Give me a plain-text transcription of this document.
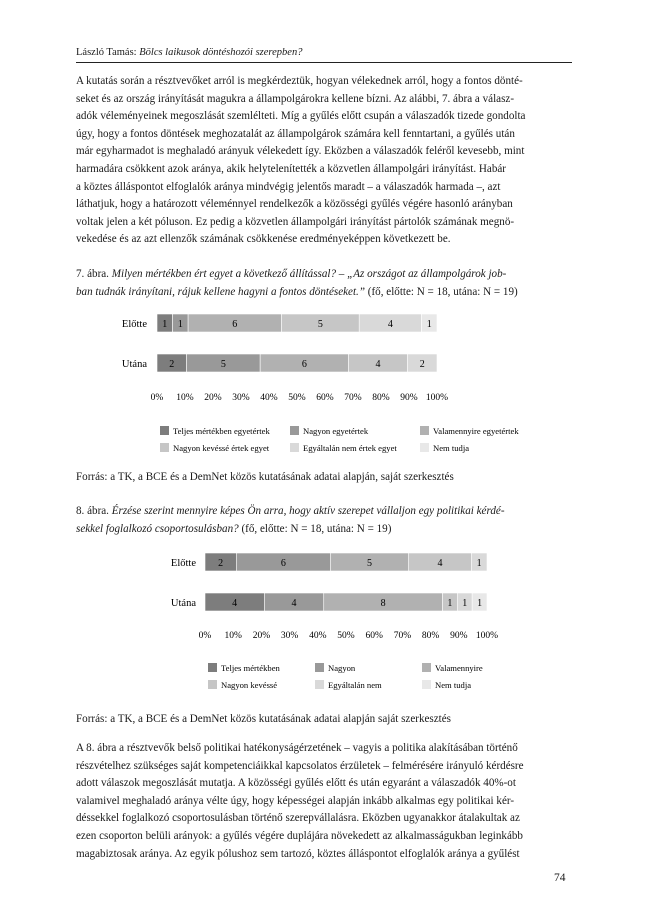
László Tamás: Bölcs laikusok döntéshozói szerepben?
A kutatás során a résztvevőket arról is megkérdeztük, hogyan vélekednek arról, hogy a fontos dönté-
seket és az ország irányítását magukra a állampolgárokra kellene bízni. Az alábbi, 7. ábra a válasz-
adók véleményeinek megoszlását szemlélteti. Míg a gyűlés előtt csupán a válaszadók tizede gondolta
úgy, hogy a fontos döntések meghozatalát az állampolgárok számára kell fenntartani, a gyűlés után
már egyharmadot is meghaladó arányuk vélekedett így. Eközben a válaszadók feléről kevesebb, mint
harmadára csökkent azok aránya, akik helytelenítették a közvetlen állampolgári irányítást. Habár
a köztes álláspontot elfoglalók aránya mindvégig jelentős maradt – a válaszadók harmada –, azt
láthatjuk, hogy a határozott véleménnyel rendelkezők a közösségi gyűlés végére hasonló arányban
voltak jelen a két póluson. Ez pedig a közvetlen állampolgári irányítást pártolók számának megnö-
vekedése és az azt ellenzők számának csökkenése eredményeképpen következett be.
7. ábra. Milyen mértékben ért egyet a következő állítással? – „Az országot az állampolgárok job-
ban tudnák irányítani, rájuk kellene hagyni a fontos döntéseket.” (fő, előtte: N = 18, utána: N = 19)
Forrás: a TK, a BCE és a DemNet közös kutatásának adatai alapján, saját szerkesztés
8. ábra. Érzése szerint mennyire képes Ön arra, hogy aktív szerepet vállaljon egy politikai kérdé-
sekkel foglalkozó csoportosulásban? (fő, előtte: N = 18, utána: N = 19)
Forrás: a TK, a BCE és a DemNet közös kutatásának adatai alapján saját szerkesztés
A 8. ábra a résztvevők belső politikai hatékonyságérzetének – vagyis a politika alakításában történő
részvételhez szükséges saját kompetenciáikkal kapcsolatos érzületek – felmérésére irányuló kérdésre
adott válaszok megoszlását mutatja. A közösségi gyűlés előtt és után egyaránt a válaszadók 40%-ot
valamivel meghaladó aránya vélte úgy, hogy képességei alapján inkább alkalmas egy politikai kér-
déssekkel foglalkozó csoportosulásban történő szerepvállalásra. Eközben ugyanakkor átalakultak az
ezen csoporton belüli arányok: a gyűlés végére duplájára növekedett az alkalmasságukban leginkább
magabiztosak aránya. Az egyik pólushoz sem tartozó, köztes álláspontot elfoglalók aránya a gyűlést
74
Előtte 1 1	6	5	4	1
Utána 2	5	6	4	2
0% 10% 20% 30% 40% 50% 60% 70% 80% 90% 100%
Teljes mértékben egyetértek	Nagyon egyetértek	Valamennyire egyetértek
Nagyon kevéssé értek egyet	Egyáltalán nem értek egyet	Nem tudja
Előtte 2	6	5	4	1
Utána	4	4	8	1 1 1
0% 10% 20% 30% 40% 50% 60% 70% 80% 90% 100%
Teljes mértékben	Nagyon	Valamennyire
Nagyon kevéssé	Egyáltalán nem	Nem tudja
